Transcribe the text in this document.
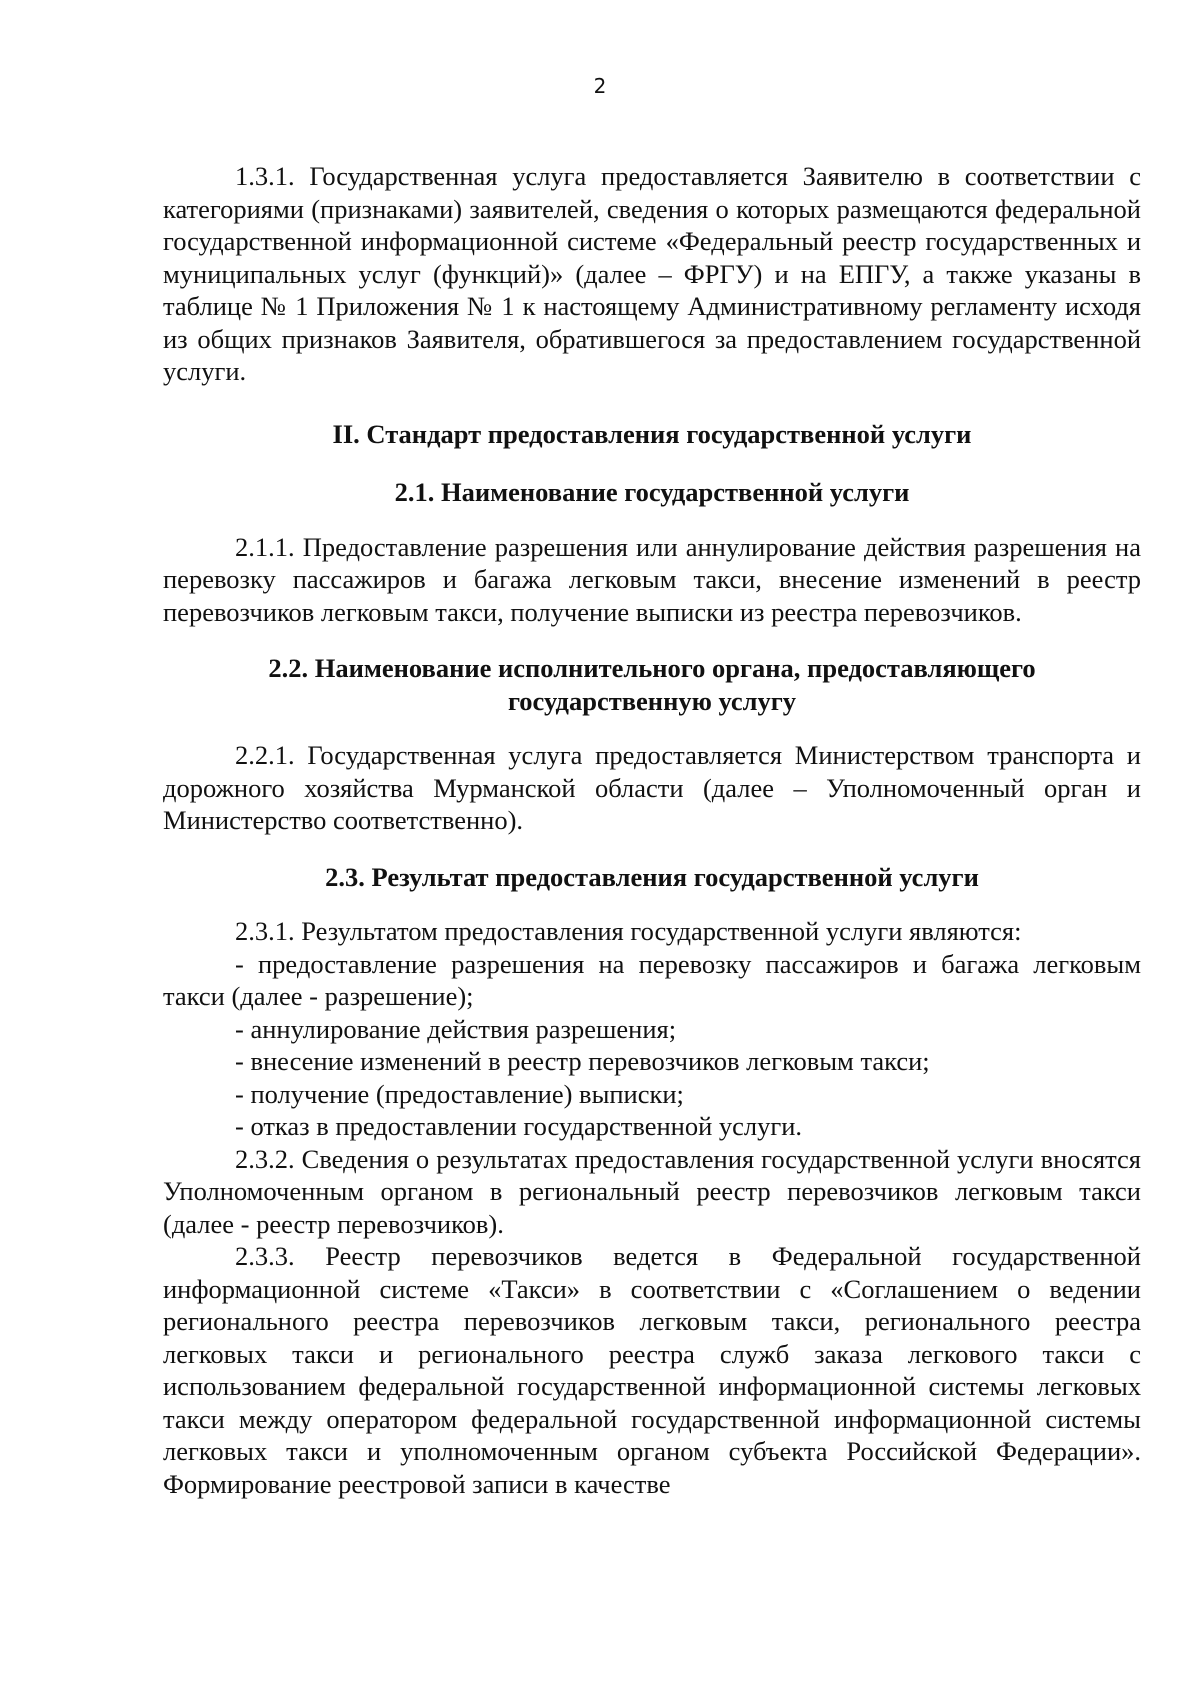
2

1.3.1. Государственная услуга предоставляется Заявителю в соответствии с категориями (признаками) заявителей, сведения о которых размещаются федеральной государственной информационной системе «Федеральный реестр государственных и муниципальных услуг (функций)» (далее – ФРГУ) и на ЕПГУ, а также указаны в таблице № 1 Приложения № 1 к настоящему Административному регламенту исходя из общих признаков Заявителя, обратившегося за предоставлением государственной услуги.

II. Стандарт предоставления государственной услуги
2.1. Наименование государственной услуги

2.1.1. Предоставление разрешения или аннулирование действия разрешения на перевозку пассажиров и багажа легковым такси, внесение изменений в реестр перевозчиков легковым такси, получение выписки из реестра перевозчиков.

2.2. Наименование исполнительного органа, предоставляющего
государственную услугу

2.2.1. Государственная услуга предоставляется Министерством транспорта и дорожного хозяйства Мурманской области (далее – Уполномоченный орган и Министерство соответственно).

2.3. Результат предоставления государственной услуги

2.3.1. Результатом предоставления государственной услуги являются:

- предоставление разрешения на перевозку пассажиров и багажа легковым такси (далее - разрешение);

- аннулирование действия разрешения;

- внесение изменений в реестр перевозчиков легковым такси;

- получение (предоставление) выписки;

- отказ в предоставлении государственной услуги.

2.3.2. Сведения о результатах предоставления государственной услуги вносятся Уполномоченным органом в региональный реестр перевозчиков легковым такси (далее - реестр перевозчиков).

2.3.3. Реестр перевозчиков ведется в Федеральной государственной информационной системе «Такси» в соответствии с «Соглашением о ведении регионального реестра перевозчиков легковым такси, регионального реестра легковых такси и регионального реестра служб заказа легкового такси с использованием федеральной государственной информационной системы легковых такси между оператором федеральной государственной информационной системы легковых такси и уполномоченным органом субъекта Российской Федерации». Формирование реестровой записи в качестве
